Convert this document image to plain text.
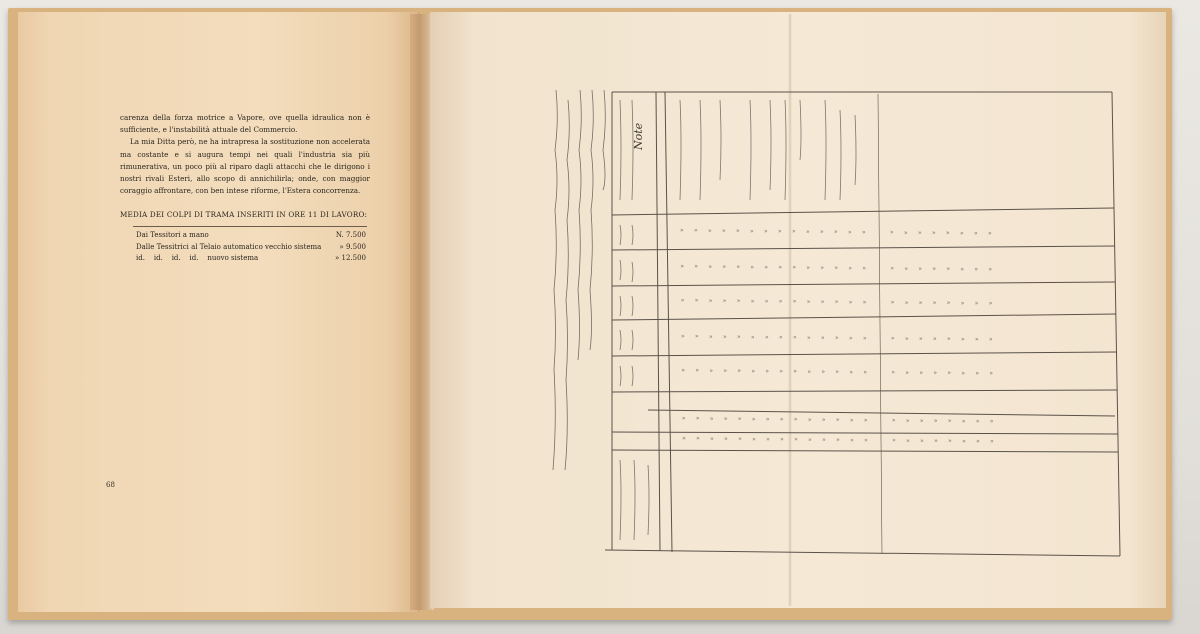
carenza della forza motrice a Vapore, ove quella idraulica non è sufficiente, e l'instabilità attuale del Commercio.

La mia Ditta però, ne ha intrapresa la sostituzione non accelerata ma costante e si augura tempi nei quali l'industria sia più rimunerativa, un poco più al riparo dagli attacchi che le dirigono i nostri rivali Esteri, allo scopo di annichilirla; onde, con maggior coraggio affrontare, con ben intese riforme, l'Estera concorrenza.

MEDIA DEI COLPI DI TRAMA INSERITI IN ORE 11 DI LAVORO:
Dai Tessitori a mano	N. 7.500
Dalle Tessitrici al Telaio automatico vecchio sistema	» 9.500
id.    id.    id.    id.    nuovo sistema	» 12.500
68
» » » » » » » » » » » » » »	» » » » » » » »
» » » » » » » » » » » » » »	» » » » » » » »
» » » » » » » » » » » » » »	» » » » » » » »
» » » » » » » » » » » » » »	» » » » » » » »
» » » » » » » » » » » » » »	» » » » » » » »
» » » » » » » » » » » » » »	» » » » » » » »
» » » » » » » » » » » » » »	» » » » » » » »
Note
